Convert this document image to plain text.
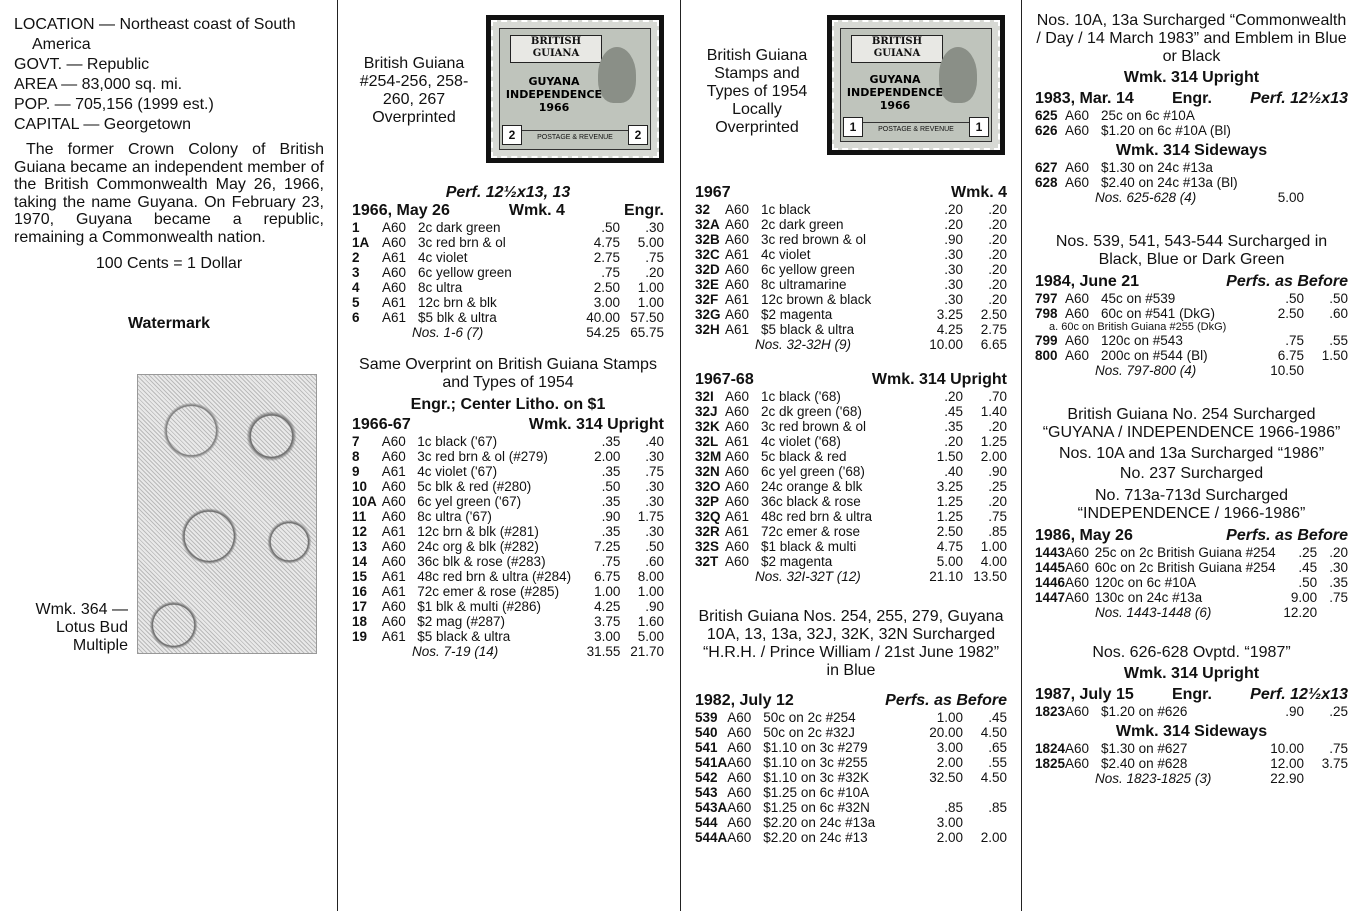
LOCATION — Northeast coast of South America

GOVT. — Republic

AREA — 83,000 sq. mi.

POP. — 705,156 (1999 est.)

CAPITAL — Georgetown

The former Crown Colony of British Guiana became an independent member of the British Commonwealth May 26, 1966, taking the name Guyana. On February 23, 1970, Guyana became a republic, remaining a Commonwealth nation.

100 Cents = 1 Dollar

Watermark

Wmk. 364 —
Lotus Bud
Multiple
British Guiana #254-256, 258-260, 267 Overprinted
BRITISH GUIANA
GUYANA
INDEPENDENCE
1966
POSTAGE & REVENUE
2	2
Perf. 12½x13, 13
1966, May 26	Wmk. 4	Engr.
1	A60	2c dark green	.50	.30
1A	A60	3c red brn & ol	4.75	5.00
2	A61	4c violet	2.75	.75
3	A60	6c yellow green	.75	.20
4	A60	8c ultra	2.50	1.00
5	A61	12c brn & blk	3.00	1.00
6	A61	$5 blk & ultra	40.00	57.50
Nos. 1-6 (7)			54.25	65.75
Same Overprint on British Guiana Stamps and Types of 1954
Engr.; Center Litho. on $1
1966-67	Wmk. 314 Upright
7	A60	1c black ('67)	.35	.40
8	A60	3c red brn & ol (#279)	2.00	.30
9	A61	4c violet ('67)	.35	.75
10	A60	5c blk & red (#280)	.50	.30
10A	A60	6c yel green ('67)	.35	.30
11	A60	8c ultra ('67)	.90	1.75
12	A61	12c brn & blk (#281)	.35	.30
13	A60	24c org & blk (#282)	7.25	.50
14	A60	36c blk & rose (#283)	.75	.60
15	A61	48c red brn & ultra (#284)	6.75	8.00
16	A61	72c emer & rose (#285)	1.00	1.00
17	A60	$1 blk & multi (#286)	4.25	.90
18	A60	$2 mag (#287)	3.75	1.60
19	A61	$5 black & ultra	3.00	5.00
Nos. 7-19 (14)			31.55	21.70
British Guiana Stamps and Types of 1954 Locally Overprinted
BRITISH GUIANA
GUYANA
INDEPENDENCE
1966
POSTAGE & REVENUE
1	1
1967	Wmk. 4
32	A60	1c black	.20	.20
32A	A60	2c dark green	.20	.20
32B	A60	3c red brown & ol	.90	.20
32C	A61	4c violet	.30	.20
32D	A60	6c yellow green	.30	.20
32E	A60	8c ultramarine	.30	.20
32F	A61	12c brown & black	.30	.20
32G	A60	$2 magenta	3.25	2.50
32H	A61	$5 black & ultra	4.25	2.75
Nos. 32-32H (9)			10.00	6.65
1967-68	Wmk. 314 Upright
32I	A60	1c black ('68)	.20	.70
32J	A60	2c dk green ('68)	.45	1.40
32K	A60	3c red brown & ol	.35	.20
32L	A61	4c violet ('68)	.20	1.25
32M	A60	5c black & red	1.50	2.00
32N	A60	6c yel green ('68)	.40	.90
32O	A60	24c orange & blk	3.25	.25
32P	A60	36c black & rose	1.25	.20
32Q	A61	48c red brn & ultra	1.25	.75
32R	A61	72c emer & rose	2.50	.85
32S	A60	$1 black & multi	4.75	1.00
32T	A60	$2 magenta	5.00	4.00
Nos. 32I-32T (12)			21.10	13.50
British Guiana Nos. 254, 255, 279, Guyana 10A, 13, 13a, 32J, 32K, 32N Surcharged “H.R.H. / Prince William / 21st June 1982” in Blue
1982, July 12	Perfs. as Before
539	A60	50c on 2c #254	1.00	.45
540	A60	50c on 2c #32J	20.00	4.50
541	A60	$1.10 on 3c #279	3.00	.65
541A	A60	$1.10 on 3c #255	2.00	.55
542	A60	$1.10 on 3c #32K	32.50	4.50
543	A60	$1.25 on 6c #10A		
543A	A60	$1.25 on 6c #32N	.85	.85
544	A60	$2.20 on 24c #13a	3.00	
544A	A60	$2.20 on 24c #13	2.00	2.00
Nos. 10A, 13a Surcharged “Commonwealth / Day / 14 March 1983” and Emblem in Blue or Black
Wmk. 314 Upright
1983, Mar. 14 Engr. Perf. 12½x13
625	A60	25c on 6c #10A		
626	A60	$1.20 on 6c #10A (Bl)		
Wmk. 314 Sideways
627	A60	$1.30 on 24c #13a		
628	A60	$2.40 on 24c #13a (Bl)		
Nos. 625-628 (4)			5.00	
Nos. 539, 541, 543-544 Surcharged in Black, Blue or Dark Green
1984, June 21	Perfs. as Before
797	A60	45c on #539	.50	.50
798	A60	60c on #541 (DkG)	2.50	.60
a. 60c on British Guiana #255 (DkG)
799	A60	120c on #543	.75	.55
800	A60	200c on #544 (Bl)	6.75	1.50
Nos. 797-800 (4)			10.50	
British Guiana No. 254 Surcharged “GUYANA / INDEPENDENCE 1966-1986”
Nos. 10A and 13a Surcharged “1986”
No. 237 Surcharged
No. 713a-713d Surcharged “INDEPENDENCE / 1966-1986”
1986, May 26	Perfs. as Before
1443	A60	25c on 2c British Guiana #254	.25	.20
1445	A60	60c on 2c British Guiana #254	.45	.30
1446	A60	120c on 6c #10A	.50	.35
1447	A60	130c on 24c #13a	9.00	.75
Nos. 1443-1448 (6)			12.20	
Nos. 626-628 Ovptd. “1987”
Wmk. 314 Upright
1987, July 15 Engr. Perf. 12½x13
1823	A60	$1.20 on #626	.90	.25
Wmk. 314 Sideways
1824	A60	$1.30 on #627	10.00	.75
1825	A60	$2.40 on #628	12.00	3.75
Nos. 1823-1825 (3)			22.90	
